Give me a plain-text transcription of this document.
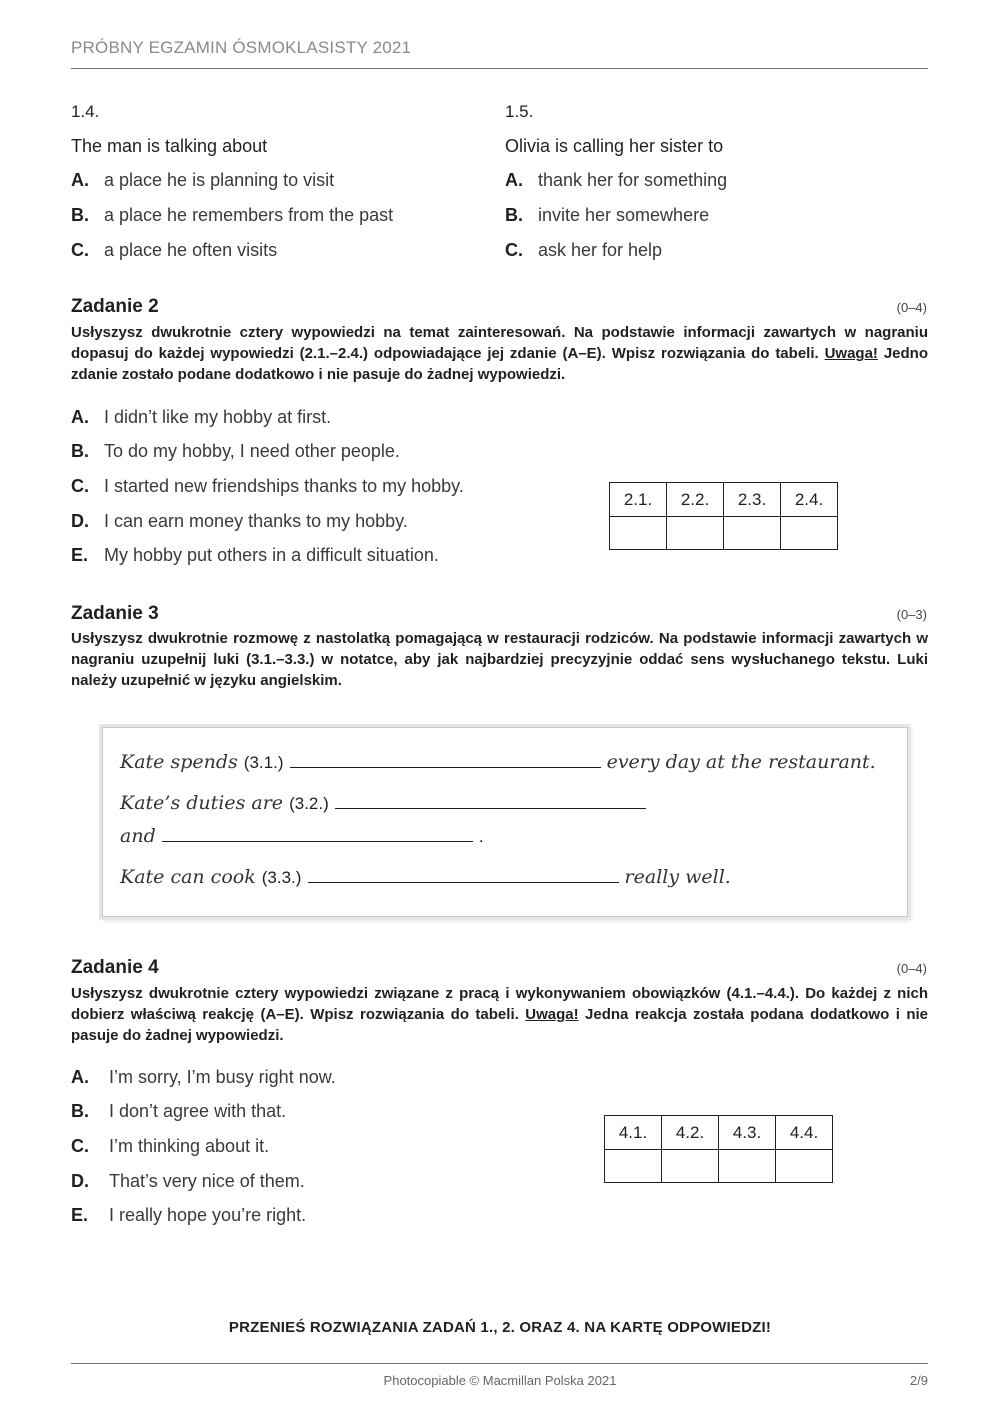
PRÓBNY EGZAMIN ÓSMOKLASISTY 2021
1.4.
The man is talking about
A. a place he is planning to visit
B. a place he remembers from the past
C. a place he often visits
1.5.
Olivia is calling her sister to
A. thank her for something
B. invite her somewhere
C. ask her for help
Zadanie 2	(0–4)
Usłyszysz dwukrotnie cztery wypowiedzi na temat zainteresowań. Na podstawie informacji zawartych w nagraniu dopasuj do każdej wypowiedzi (2.1.–2.4.) odpowiadające jej zdanie (A–E). Wpisz rozwiązania do tabeli. Uwaga! Jedno zdanie zostało podane dodatkowo i nie pasuje do żadnej wypowiedzi.
A. I didn’t like my hobby at first.
B. To do my hobby, I need other people.
C. I started new friendships thanks to my hobby.
D. I can earn money thanks to my hobby.
E. My hobby put others in a difficult situation.
2.1.	2.2.	2.3.	2.4.

Zadanie 3	(0–3)
Usłyszysz dwukrotnie rozmowę z nastolatką pomagającą w restauracji rodziców. Na podstawie informacji zawartych w nagraniu uzupełnij luki (3.1.–3.3.) w notatce, aby jak najbardziej precyzyjnie oddać sens wysłuchanego tekstu. Luki należy uzupełnić w języku angielskim.
Kate spends (3.1.)	every day at the restaurant.
Kate’s duties are (3.2.)
and	.
Kate can cook (3.3.)	really well.
Zadanie 4	(0–4)
Usłyszysz dwukrotnie cztery wypowiedzi związane z pracą i wykonywaniem obowiązków (4.1.–4.4.). Do każdej z nich dobierz właściwą reakcję (A–E). Wpisz rozwiązania do tabeli. Uwaga! Jedna reakcja została podana dodatkowo i nie pasuje do żadnej wypowiedzi.
A. I’m sorry, I’m busy right now.
B. I don’t agree with that.
C. I’m thinking about it.
D. That’s very nice of them.
E. I really hope you’re right.
4.1.	4.2.	4.3.	4.4.

PRZENIEŚ ROZWIĄZANIA ZADAŃ 1., 2. ORAZ 4. NA KARTĘ ODPOWIEDZI!
Photocopiable © Macmillan Polska 2021	2/9
